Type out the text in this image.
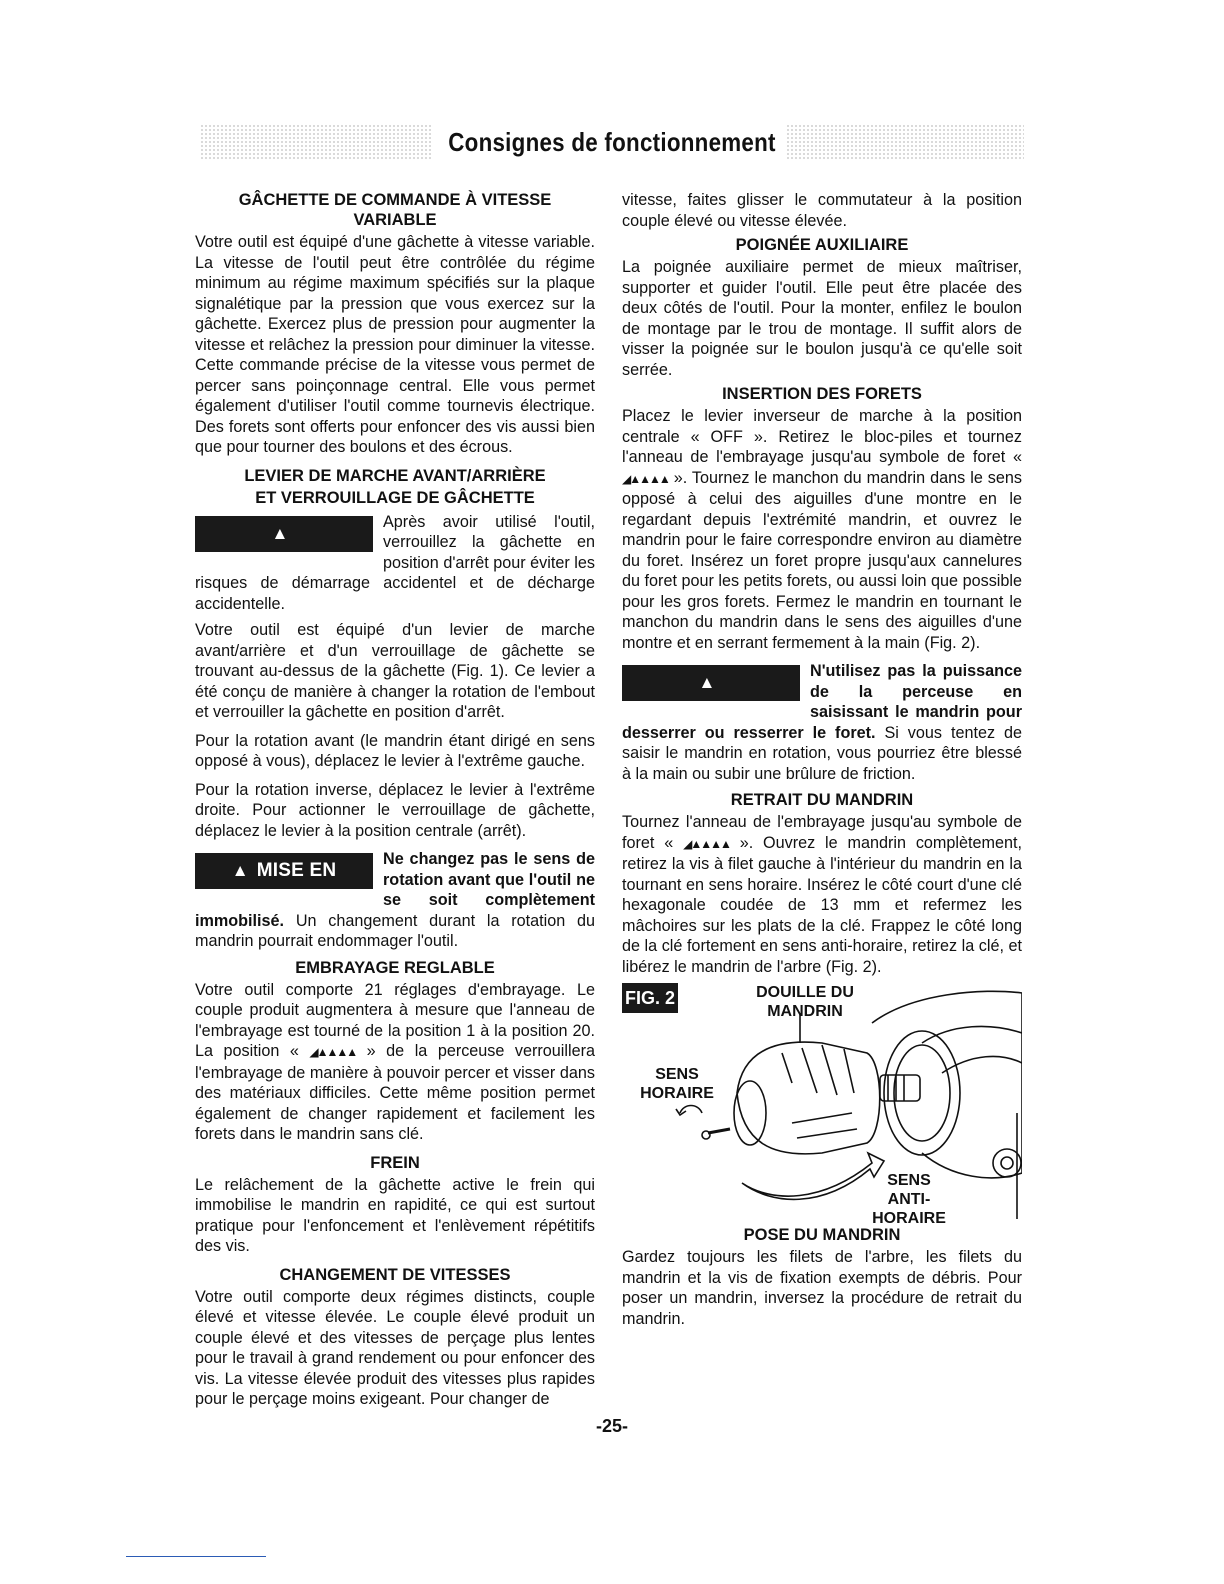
Consignes de fonctionnement
GÂCHETTE DE COMMANDE À VITESSE VARIABLE

Votre outil est équipé d'une gâchette à vitesse variable. La vitesse de l'outil peut être contrôlée du régime minimum au régime maximum spécifiés sur la plaque signalétique par la pression que vous exercez sur la gâchette. Exercez plus de pression pour augmenter la vitesse et relâchez la pression pour diminuer la vitesse. Cette commande précise de la vitesse vous permet de percer sans poinçonnage central. Elle vous permet également d'utiliser l'outil comme tournevis électrique. Des forets sont offerts pour enfoncer des vis aussi bien que pour tourner des boulons et des écrous.

LEVIER DE MARCHE AVANT/ARRIÈRE
ET VERROUILLAGE DE GÂCHETTE
▲AVERTISSEMENT

Après avoir utilisé l'outil, verrouillez la gâchette en position d'arrêt pour éviter les risques de démarrage accidentel et de décharge accidentelle.

Votre outil est équipé d'un levier de marche avant/arrière et d'un verrouillage de gâchette se trouvant au-dessus de la gâchette (Fig. 1). Ce levier a été conçu de manière à changer la rotation de l'embout et verrouiller la gâchette en position d'arrêt.

Pour la rotation avant (le mandrin étant dirigé en sens opposé à vous), déplacez le levier à l'extrême gauche.

Pour la rotation inverse, déplacez le levier à l'extrême droite. Pour actionner le verrouillage de gâchette, déplacez le levier à la position centrale (arrêt).

▲ MISE EN GARDE

Ne changez pas le sens de rotation avant que l'outil ne se soit complètement immobilisé. Un changement durant la rotation du mandrin pourrait endommager l'outil.

EMBRAYAGE REGLABLE

Votre outil comporte 21 réglages d'embrayage. Le couple produit augmentera à mesure que l'anneau de l'embrayage est tourné de la position 1 à la position 20. La position « ◢▲▲▲▲ » de la perceuse verrouillera l'embrayage de manière à pouvoir percer et visser dans des matériaux difficiles. Cette même position permet également de changer rapidement et facilement les forets dans le mandrin sans clé.

FREIN

Le relâchement de la gâchette active le frein qui immobilise le mandrin en rapidité, ce qui est surtout pratique pour l'enfoncement et l'enlèvement répétitifs des vis.

CHANGEMENT DE VITESSES

Votre outil comporte deux régimes distincts, couple élevé et vitesse élevée. Le couple élevé produit un couple élevé et des vitesses de perçage plus lentes pour le travail à grand rendement ou pour enfoncer des vis. La vitesse élevée produit des vitesses plus rapides pour le perçage moins exigeant. Pour changer de

vitesse, faites glisser le commutateur à la position couple élevé ou vitesse élevée.

POIGNÉE AUXILIAIRE

La poignée auxiliaire permet de mieux maîtriser, supporter et guider l'outil. Elle peut être placée des deux côtés de l'outil. Pour la monter, enfilez le boulon de montage par le trou de montage. Il suffit alors de visser la poignée sur le boulon jusqu'à ce qu'elle soit serrée.

INSERTION DES FORETS

Placez le levier inverseur de marche à la position centrale « OFF ». Retirez le bloc-piles et tournez l'anneau de l'embrayage jusqu'au symbole de foret « ◢▲▲▲▲ ». Tournez le manchon du mandrin dans le sens opposé à celui des aiguilles d'une montre en le regardant depuis l'extrémité mandrin, et ouvrez le mandrin pour le faire correspondre environ au diamètre du foret. Insérez un foret propre jusqu'aux cannelures du foret pour les petits forets, ou aussi loin que possible pour les gros forets. Fermez le mandrin en tournant le manchon du mandrin dans le sens des aiguilles d'une montre et en serrant fermement à la main (Fig. 2).

▲AVERTISSEMENT

N'utilisez pas la puissance de la perceuse en saisissant le mandrin pour desserrer ou resserrer le foret. Si vous tentez de saisir le mandrin en rotation, vous pourriez être blessé à la main ou subir une brûlure de friction.

RETRAIT DU MANDRIN

Tournez l'anneau de l'embrayage jusqu'au symbole de foret « ◢▲▲▲▲ ». Ouvrez le mandrin complètement, retirez la vis à filet gauche à l'intérieur du mandrin en la tournant en sens horaire. Insérez le côté court d'une clé hexagonale coudée de 13 mm et refermez les mâchoires sur les plats de la clé. Frappez le côté long de la clé fortement en sens anti-horaire, retirez la clé, et libérez le mandrin de l'arbre (Fig. 2).

FIG. 2	DOUILLE DU
MANDRIN
SENS
HORAIRE
SENS
ANTI-HORAIRE
POSE DU MANDRIN

Gardez toujours les filets de l'arbre, les filets du mandrin et la vis de fixation exempts de débris. Pour poser un mandrin, inversez la procédure de retrait du mandrin.

-25-
